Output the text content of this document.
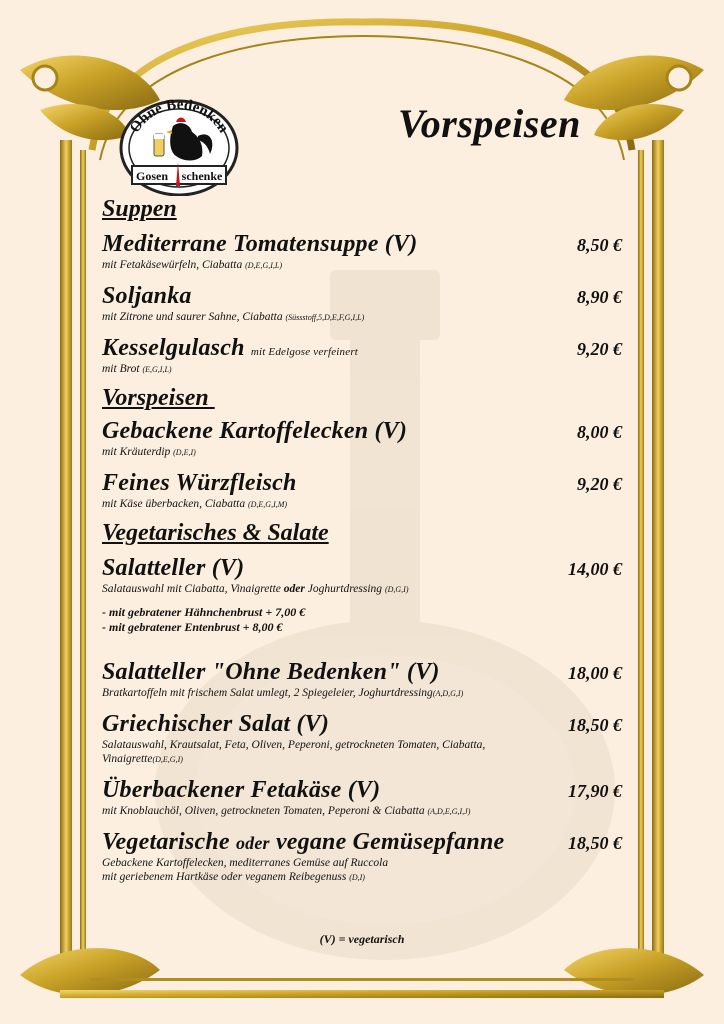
Ohne Bedenken
Gosen schenke
Vorspeisen
Suppen
Mediterrane Tomatensuppe (V)	8,50 €
mit Fetakäsewürfeln, Ciabatta (D,E,G,I,L)
Soljanka	8,90 €
mit Zitrone und saurer Sahne, Ciabatta (Süssstoff,5,D,E,F,G,I,L)
Kesselgulasch mit Edelgose verfeinert	9,20 €
mit Brot (E,G,I,L)
Vorspeisen
Gebackene Kartoffelecken (V)	8,00 €
mit Kräuterdip (D,E,I)
Feines Würzfleisch	9,20 €
mit Käse überbacken, Ciabatta (D,E,G,I,M)
Vegetarisches & Salate
Salatteller (V)	14,00 €
Salatauswahl mit Ciabatta, Vinaigrette oder Joghurtdressing (D,G,I)
- mit gebratener Hähnchenbrust + 7,00 €
- mit gebratener Entenbrust + 8,00 €
Salatteller "Ohne Bedenken" (V)	18,00 €
Bratkartoffeln mit frischem Salat umlegt, 2 Spiegeleier, Joghurtdressing(A,D,G,I)
Griechischer Salat (V)	18,50 €
Salatauswahl, Krautsalat, Feta, Oliven, Peperoni, getrockneten Tomaten, Ciabatta,
Vinaigrette(D,E,G,I)
Überbackener Fetakäse (V)	17,90 €
mit Knoblauchöl, Oliven, getrockneten Tomaten, Peperoni & Ciabatta (A,D,E,G,I,J)
Vegetarische oder vegane Gemüsepfanne	18,50 €
Gebackene Kartoffelecken, mediterranes Gemüse auf Ruccola
mit geriebenem Hartkäse oder veganem Reibegenuss (D,I)
(V) = vegetarisch
